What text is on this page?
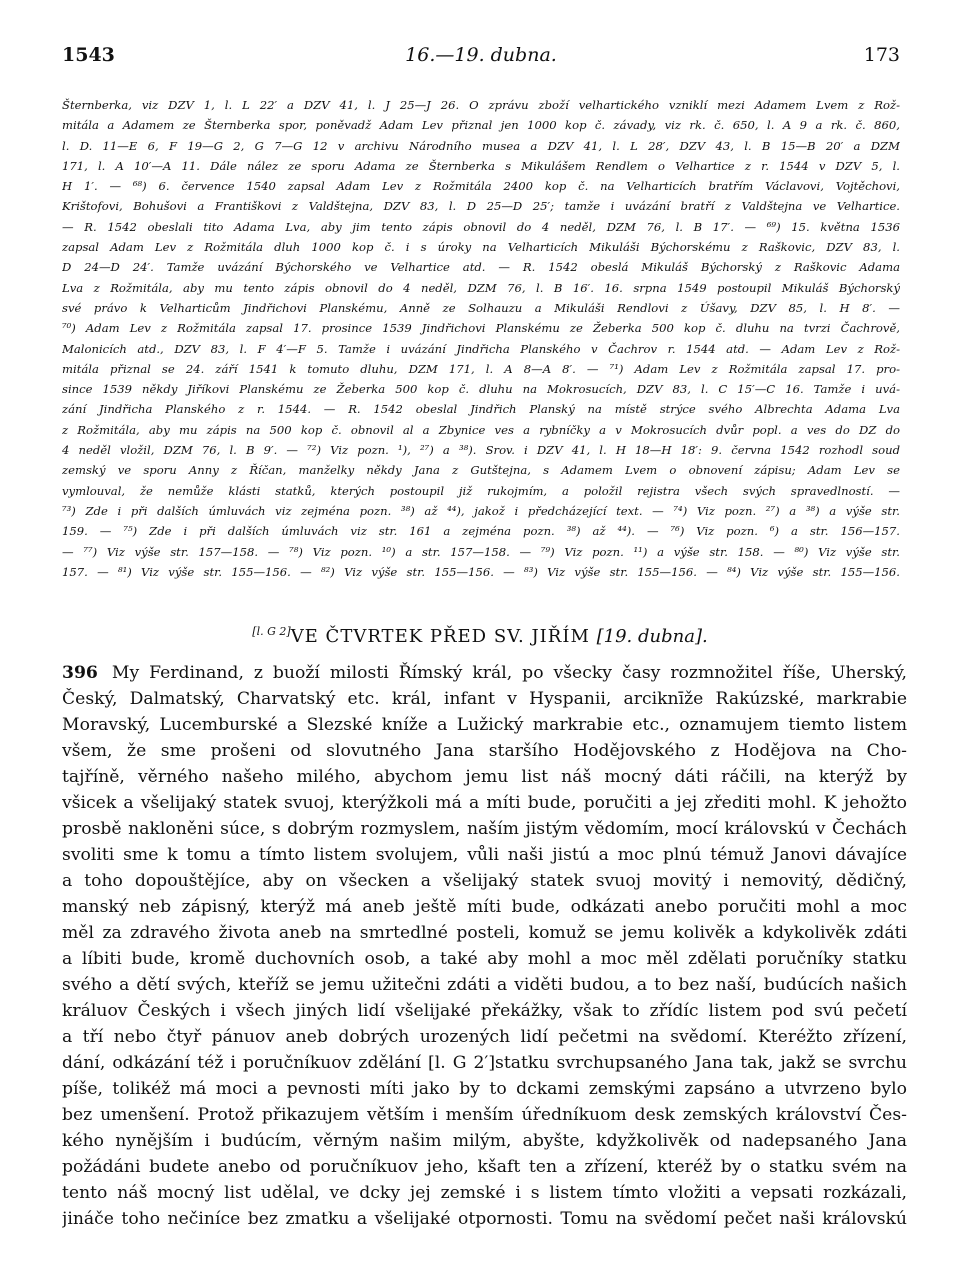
1543	16.—19. dubna.	173
Šternberka, viz DZV 1, l. L 22′ a DZV 41, l. J 25—J 26. O zprávu zboží velhartického vzniklí mezi Adamem Lvem z Rož-
mitála a Adamem ze Šternberka spor, poněvadž Adam Lev přiznal jen 1000 kop č. závady, viz rk. č. 650, l. A 9 a rk. č. 860,
l. D. 11—E 6, F 19—G 2, G 7—G 12 v archivu Národního musea a DZV 41, l. L 28′, DZV 43, l. B 15—B 20′ a DZM
171, l. A 10′—A 11. Dále nález ze sporu Adama ze Šternberka s Mikulášem Rendlem o Velhartice z r. 1544 v DZV 5, l.
H 1′. — ⁶⁸) 6. července 1540 zapsal Adam Lev z Rožmitála 2400 kop č. na Velharticích bratřím Václavovi, Vojtěchovi,
Krištofovi, Bohušovi a Františkovi z Valdštejna, DZV 83, l. D 25—D 25′; tamže i uvázání bratří z Valdštejna ve Velhartice.
— R. 1542 obeslali tito Adama Lva, aby jim tento zápis obnovil do 4 neděl, DZM 76, l. B 17′. — ⁶⁹) 15. května 1536
zapsal Adam Lev z Rožmitála dluh 1000 kop č. i s úroky na Velharticích Mikuláši Býchorskému z Raškovic, DZV 83, l.
D 24—D 24′. Tamže uvázání Býchorského ve Velhartice atd. — R. 1542 obeslá Mikuláš Býchorský z Raškovic Adama
Lva z Rožmitála, aby mu tento zápis obnovil do 4 neděl, DZM 76, l. B 16′. 16. srpna 1549 postoupil Mikuláš Býchorský
své právo k Velharticům Jindřichovi Planskému, Anně ze Solhauzu a Mikuláši Rendlovi z Úšavy, DZV 85, l. H 8′. —
⁷⁰) Adam Lev z Rožmitála zapsal 17. prosince 1539 Jindřichovi Planskému ze Žeberka 500 kop č. dluhu na tvrzi Čachrově,
Malonicích atd., DZV 83, l. F 4′—F 5. Tamže i uvázání Jindřicha Planského v Čachrov r. 1544 atd. — Adam Lev z Rož-
mitála přiznal se 24. září 1541 k tomuto dluhu, DZM 171, l. A 8—A 8′. — ⁷¹) Adam Lev z Rožmitála zapsal 17. pro-
since 1539 někdy Jiříkovi Planskému ze Žeberka 500 kop č. dluhu na Mokrosucích, DZV 83, l. C 15′—C 16. Tamže i uvá-
zání Jindřicha Planského z r. 1544. — R. 1542 obeslal Jindřich Planský na místě strýce svého Albrechta Adama Lva
z Rožmitála, aby mu zápis na 500 kop č. obnovil al a Zbynice ves a rybníčky a v Mokrosucích dvůr popl. a ves do DZ do
4 neděl vložil, DZM 76, l. B 9′. — ⁷²) Viz pozn. ¹), ²⁷) a ³⁸). Srov. i DZV 41, l. H 18—H 18′: 9. června 1542 rozhodl soud
zemský ve sporu Anny z Říčan, manželky někdy Jana z Gutštejna, s Adamem Lvem o obnovení zápisu; Adam Lev se
vymlouval, že nemůže klásti statků, kterých postoupil již rukojmím, a položil rejistra všech svých spravedlností. —
⁷³) Zde i při dalších úmluvách viz zejména pozn. ³⁸) až ⁴⁴), jakož i předcházející text. — ⁷⁴) Viz pozn. ²⁷) a ³⁸) a výše str.
159. — ⁷⁵) Zde i při dalších úmluvách viz str. 161 a zejména pozn. ³⁸) až ⁴⁴). — ⁷⁶) Viz pozn. ⁶) a str. 156—157.
— ⁷⁷) Viz výše str. 157—158. — ⁷⁸) Viz pozn. ¹⁰) a str. 157—158. — ⁷⁹) Viz pozn. ¹¹) a výše str. 158. — ⁸⁰) Viz výše str.
157. — ⁸¹) Viz výše str. 155—156. — ⁸²) Viz výše str. 155—156. — ⁸³) Viz výše str. 155—156. — ⁸⁴) Viz výše str. 155—156.
[l. G 2]VE ČTVRTEK PŘED SV. JIŘÍM [19. dubna].
396 My Ferdinand, z buoží milosti Římský král, po všecky časy rozmnožitel říše, Uherský,
Český, Dalmatský, Charvatský etc. král, infant v Hyspanii, arciknīže Rakúzské, markrabie
Moravský, Lucemburské a Slezské kníže a Lužický markrabie etc., oznamujem tiemto listem
všem, že sme prošeni od slovutného Jana staršího Hodějovského z Hodějova na Cho-
tajříně, věrného našeho milého, abychom jemu list náš mocný dáti ráčili, na kterýž by
všicek a všelijaký statek svuoj, kterýžkoli má a míti bude, poručiti a jej zřediti mohl. K jehožto
prosbě nakloněni súce, s dobrým rozmyslem, naším jistým vědomím, mocí královskú v Čechách
svoliti sme k tomu a tímto listem svolujem, vůli naši jistú a moc plnú témuž Janovi dávajíce
a toho dopouštějíce, aby on všecken a všelijaký statek svuoj movitý i nemovitý, dědičný,
manský neb zápisný, kterýž má aneb ještě míti bude, odkázati anebo poručiti mohl a moc
měl za zdravého života aneb na smrtedlné posteli, komuž se jemu kolivěk a kdykolivěk zdáti
a líbiti bude, kromě duchovních osob, a také aby mohl a moc měl zdělati poručníky statku
svého a dětí svých, kteříž se jemu užitečni zdáti a viděti budou, a to bez naší, budúcích našich
králuov Českých i všech jiných lidí všelijaké překážky, však to zřídíc listem pod svú pečetí
a tří nebo čtyř pánuov aneb dobrých urozených lidí pečetmi na svědomí. Kteréžto zřízení,
dání, odkázání též i poručníkuov zdělání [l. G 2′]statku svrchupsaného Jana tak, jakž se svrchu
píše, tolikéž má moci a pevnosti míti jako by to dckami zemskými zapsáno a utvrzeno bylo
bez umenšení. Protož přikazujem větším i menším úředníkuom desk zemských království Čes-
kého nynějším i budúcím, věrným našim milým, abyšte, kdyžkolivěk od nadepsaného Jana
požádáni budete anebo od poručníkuov jeho, kšaft ten a zřízení, kteréž by o statku svém na
tento náš mocný list udělal, ve dcky jej zemské i s listem tímto vložiti a vepsati rozkázali,
jináče toho nečiníce bez zmatku a všelijaké otpornosti. Tomu na svědomí pečet naši královskú
